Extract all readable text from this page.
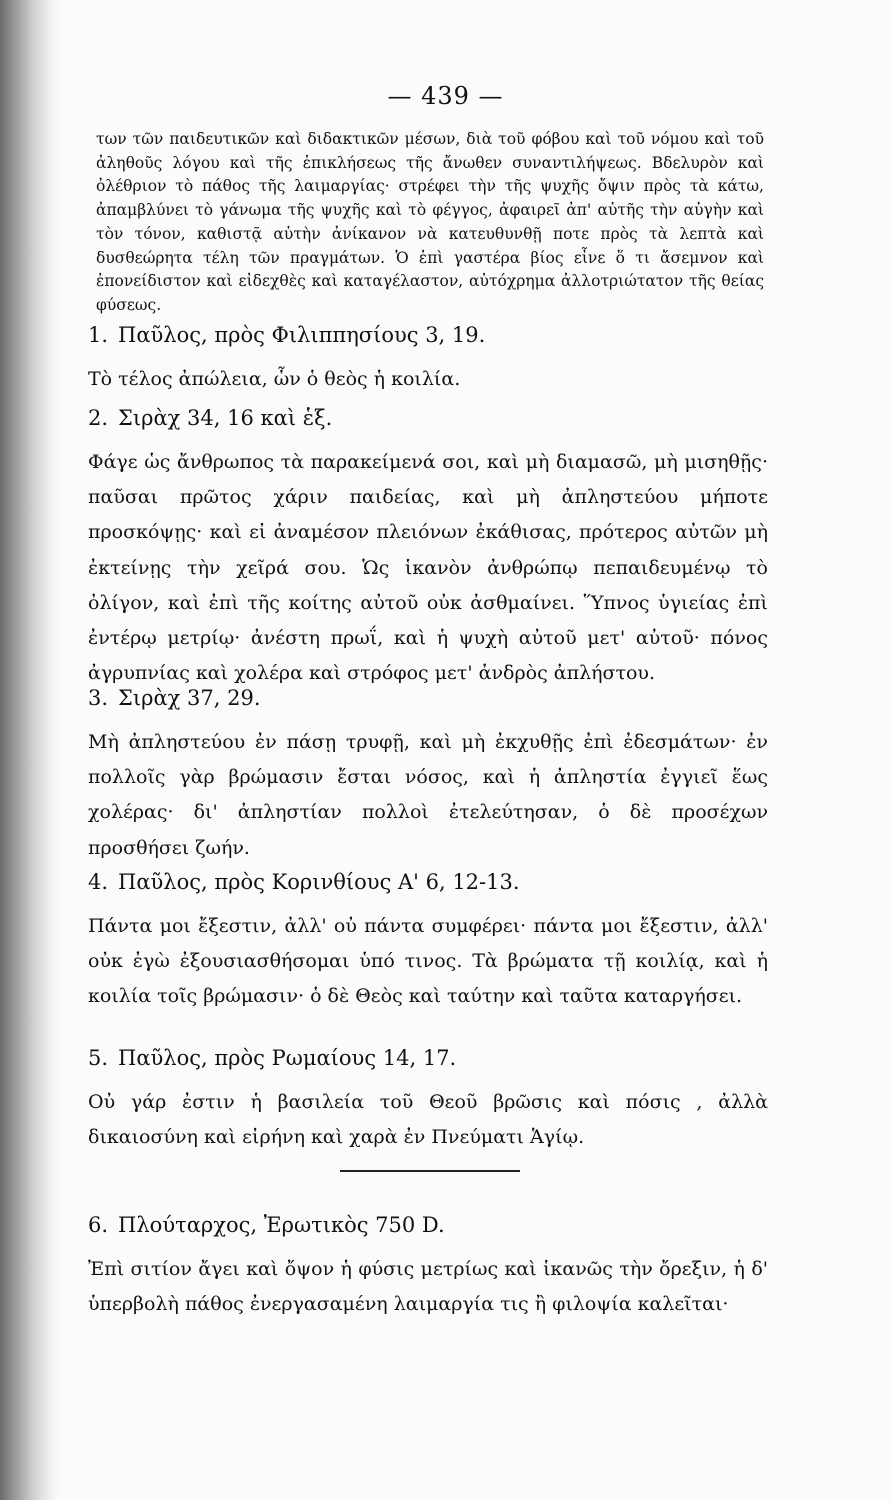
— 439 —

των τῶν παιδευτικῶν καὶ διδακτικῶν μέσων, διὰ τοῦ φόβου καὶ τοῦ νόμου καὶ τοῦ ἀληθοῦς λόγου καὶ τῆς ἐπικλήσεως τῆς ἄνωθεν συναντιλήψεως. Βδελυρὸν καὶ ὀλέθριον τὸ πάθος τῆς λαιμαργίας· στρέφει τὴν τῆς ψυχῆς ὄψιν πρὸς τὰ κάτω, ἀπαμβλύνει τὸ γάνωμα τῆς ψυχῆς καὶ τὸ φέγγος, ἀφαιρεῖ ἀπ' αὐτῆς τὴν αὐγὴν καὶ τὸν τόνον, καθιστᾷ αὐτὴν ἀνίκανον νὰ κατευθυνθῇ ποτε πρὸς τὰ λεπτὰ καὶ δυσθεώρητα τέλη τῶν πραγμάτων. Ὁ ἐπὶ γαστέρα βίος εἶνε ὅ τι ἄσεμνον καὶ ἐπονείδιστον καὶ εἰδεχθὲς καὶ καταγέλαστον, αὐτόχρημα ἀλλοτριώτατον τῆς θείας φύσεως.

1. Παῦλος, πρὸς Φιλιππησίους 3, 19.

Τὸ τέλος ἀπώλεια, ὧν ὁ θεὸς ἡ κοιλία.

2. Σιρὰχ 34, 16 καὶ ἑξ.

Φάγε ὡς ἄνθρωπος τὰ παρακείμενά σοι, καὶ μὴ διαμασῶ, μὴ μισηθῇς· παῦσαι πρῶτος χάριν παιδείας, καὶ μὴ ἀπληστεύου μήποτε προσκόψῃς· καὶ εἰ ἀναμέσον πλειόνων ἐκάθισας, πρότερος αὐτῶν μὴ ἐκτείνῃς τὴν χεῖρά σου. Ὡς ἱκανὸν ἀνθρώπῳ πεπαιδευμένῳ τὸ ὀλίγον, καὶ ἐπὶ τῆς κοίτης αὐτοῦ οὐκ ἀσθμαίνει. Ὕπνος ὑγιείας ἐπὶ ἐντέρῳ μετρίῳ· ἀνέστη πρωΐ, καὶ ἡ ψυχὴ αὐτοῦ μετ' αὐτοῦ· πόνος ἀγρυπνίας καὶ χολέρα καὶ στρόφος μετ' ἀνδρὸς ἀπλήστου.

3. Σιρὰχ 37, 29.

Μὴ ἀπληστεύου ἐν πάσῃ τρυφῇ, καὶ μὴ ἐκχυθῇς ἐπὶ ἐδεσμάτων· ἐν πολλοῖς γὰρ βρώμασιν ἔσται νόσος, καὶ ἡ ἀπληστία ἐγγιεῖ ἕως χολέρας· δι' ἀπληστίαν πολλοὶ ἐτελεύτησαν, ὁ δὲ προσέχων προσθήσει ζωήν.

4. Παῦλος, πρὸς Κορινθίους Α' 6, 12-13.

Πάντα μοι ἔξεστιν, ἀλλ' οὐ πάντα συμφέρει· πάντα μοι ἔξεστιν, ἀλλ' οὐκ ἐγὼ ἐξουσιασθήσομαι ὑπό τινος. Τὰ βρώματα τῇ κοιλίᾳ, καὶ ἡ κοιλία τοῖς βρώμασιν· ὁ δὲ Θεὸς καὶ ταύτην καὶ ταῦτα καταργήσει.

5. Παῦλος, πρὸς Ρωμαίους 14, 17.

Οὐ γάρ ἐστιν ἡ βασιλεία τοῦ Θεοῦ βρῶσις καὶ πόσις , ἀλλὰ δικαιοσύνη καὶ εἰρήνη καὶ χαρὰ ἐν Πνεύματι Ἁγίῳ.

6. Πλούταρχος, Ἐρωτικὸς 750 D.

Ἐπὶ σιτίον ἄγει καὶ ὄψον ἡ φύσις μετρίως καὶ ἱκανῶς τὴν ὄρεξιν, ἡ δ' ὑπερβολὴ πάθος ἐνεργασαμένη λαιμαργία τις ἢ φιλοψία καλεῖται·
